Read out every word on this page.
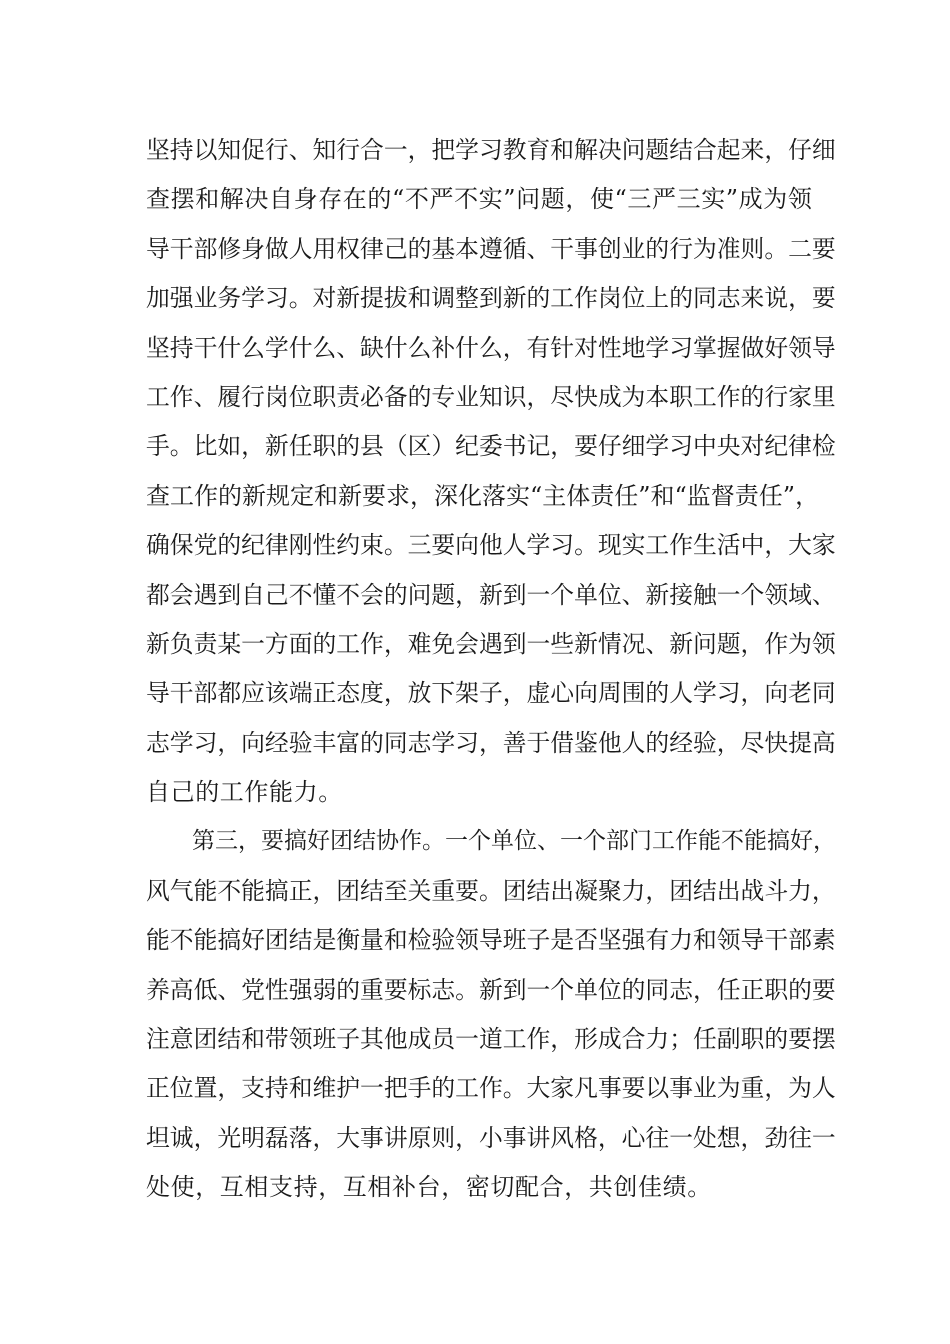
坚持以知促行、知行合一，把学习教育和解决问题结合起来，仔细
查摆和解决自身存在的“不严不实”问题，使“三严三实”成为领
导干部修身做人用权律己的基本遵循、干事创业的行为准则。二要
加强业务学习。对新提拔和调整到新的工作岗位上的同志来说，要
坚持干什么学什么、缺什么补什么，有针对性地学习掌握做好领导
工作、履行岗位职责必备的专业知识，尽快成为本职工作的行家里
手。比如，新任职的县（区）纪委书记，要仔细学习中央对纪律检
查工作的新规定和新要求，深化落实“主体责任”和“监督责任”，
确保党的纪律刚性约束。三要向他人学习。现实工作生活中，大家
都会遇到自己不懂不会的问题，新到一个单位、新接触一个领域、
新负责某一方面的工作，难免会遇到一些新情况、新问题，作为领
导干部都应该端正态度，放下架子，虚心向周围的人学习，向老同
志学习，向经验丰富的同志学习，善于借鉴他人的经验，尽快提高
自己的工作能力。
第三，要搞好团结协作。一个单位、一个部门工作能不能搞好，
风气能不能搞正，团结至关重要。团结出凝聚力，团结出战斗力，
能不能搞好团结是衡量和检验领导班子是否坚强有力和领导干部素
养高低、党性强弱的重要标志。新到一个单位的同志，任正职的要
注意团结和带领班子其他成员一道工作，形成合力；任副职的要摆
正位置，支持和维护一把手的工作。大家凡事要以事业为重，为人
坦诚，光明磊落，大事讲原则，小事讲风格，心往一处想，劲往一
处使，互相支持，互相补台，密切配合，共创佳绩。
